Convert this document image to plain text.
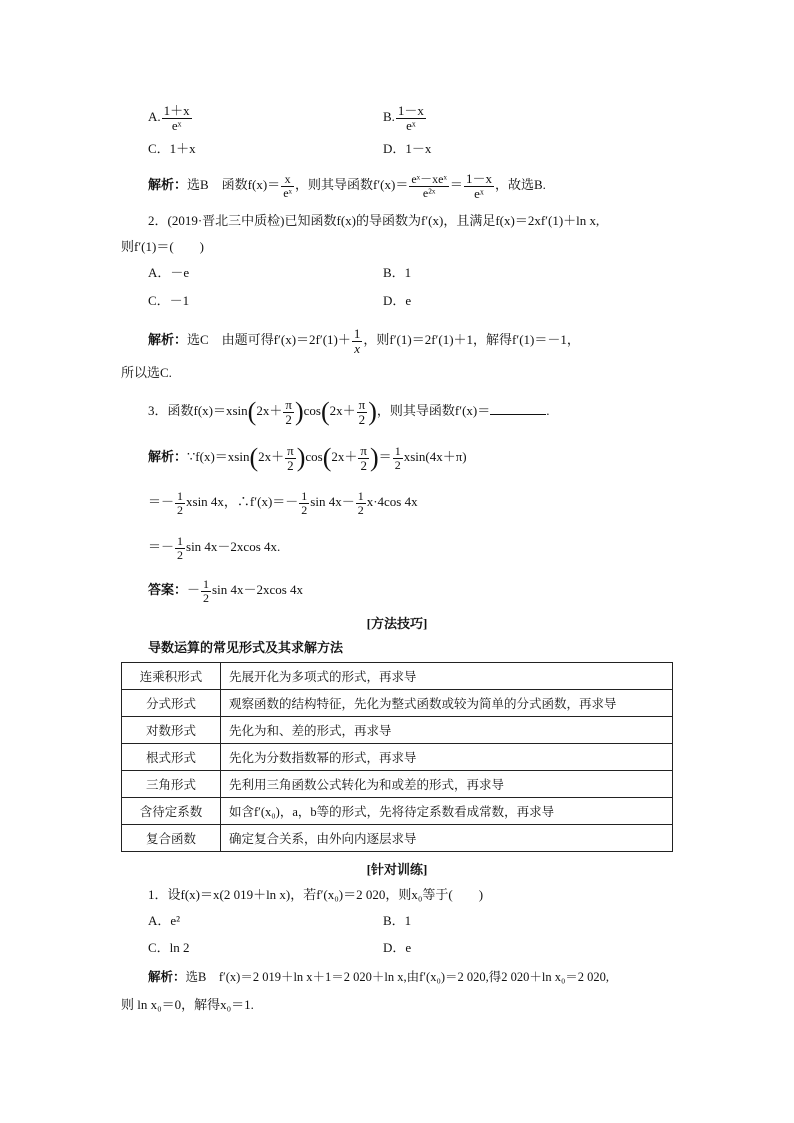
A. $\frac{1+x}{\text{eˣ}}$	B. $\frac{1-x}{\text{eˣ}}$
C．1＋x	D．1－x
解析：选B　函数$f(x)= \frac{x}{\text{eˣ}}$ ，则其导函数$f'(x)= \frac{\text{eˣ－xeˣ}}{\text{e²ˣ}} = \frac{1-x}{\text{eˣ}}$ ，故选B.
2．(2019·晋北三中质检)已知函数f(x)的导函数为f′(x)，且满足f(x)＝2xf′(1)＋ln x,
则f′(1)＝(　　)
A．－e	B．1
C．－1	D．e
解析：选C　由题可得$f'(x)=2f'(1)+ \frac{1}{x}$ ，则f′(1)＝2f′(1)＋1，解得f′(1)＝－1，
所以选C.
3．函数$f(x)=xsin(2x+ \frac{\pi}{2} )\cos(2x+ \frac{\pi}{2}$ )，则其导函数f′(x)＝	.
解析：∵f(x)＝xsin(2x＋ $\frac{\pi}{2} )\cos(2x+ \frac{\pi}{2}$ )＝ $\frac{1}{2} xsin(4x+\pi)$
＝－ $\frac{1}{2}$ xsin 4x，∴f′(x)＝－ $\frac{1}{2}$ $\sin 4x- \frac{1}{2} x\cdot 4\cos$ 4x
＝－ $\frac{1}{2}$ sin 4x－2xcos 4x.
答案：－ $\frac{1}{2}$ sin 4x－2xcos 4x
[方法技巧]
导数运算的常见形式及其求解方法
连乘积形式	先展开化为多项式的形式，再求导
分式形式	观察函数的结构特征，先化为整式函数或较为简单的分式函数，再求导
对数形式	先化为和、差的形式，再求导
根式形式	先化为分数指数幂的形式，再求导
三角形式	先利用三角函数公式转化为和或差的形式，再求导
含待定系数	如含f′(x₀)，a，b等的形式，先将待定系数看成常数，再求导
复合函数	确定复合关系，由外向内逐层求导
[针对训练]
1．设f(x)＝x(2 019＋ln x)，若f′(x₀)＝2 020，则x₀等于(　　)
A．e²	B．1
C．ln 2	D．e
解析：选B　f′(x)＝2 019＋ln x＋1＝2 020＋ln x,由f′(x₀)＝2 020,得2 020＋ln x₀＝2 020,
则 ln x₀＝0，解得x₀＝1.
